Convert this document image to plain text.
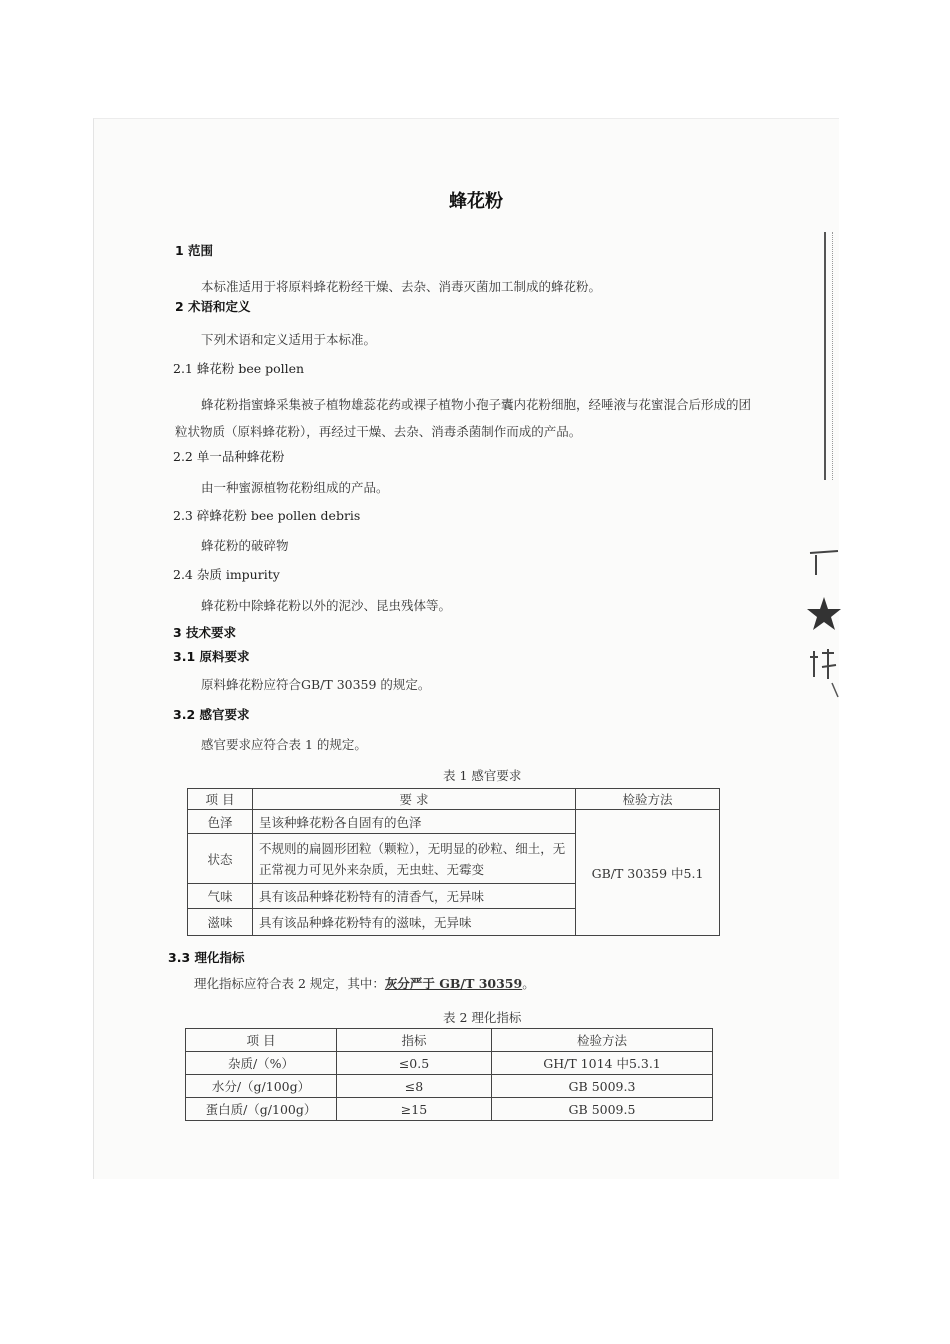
蜂花粉
1 范围
本标准适用于将原料蜂花粉经干燥、去杂、消毒灭菌加工制成的蜂花粉。
2 术语和定义
下列术语和定义适用于本标准。
2.1 蜂花粉 bee pollen
蜂花粉指蜜蜂采集被子植物雄蕊花药或裸子植物小孢子囊内花粉细胞，经唾液与花蜜混合后形成的团
粒状物质（原料蜂花粉），再经过干燥、去杂、消毒杀菌制作而成的产品。
2.2 单一品种蜂花粉
由一种蜜源植物花粉组成的产品。
2.3 碎蜂花粉 bee pollen debris
蜂花粉的破碎物
2.4 杂质 impurity
蜂花粉中除蜂花粉以外的泥沙、昆虫残体等。
3 技术要求
3.1 原料要求
原料蜂花粉应符合GB/T 30359 的规定。
3.2 感官要求
感官要求应符合表 1 的规定。
表 1 感官要求
项 目	要 求	检验方法
色泽	呈该种蜂花粉各自固有的色泽	GB/T 30359 中5.1
状态	不规则的扁圆形团粒（颗粒），无明显的砂粒、细土，无
正常视力可见外来杂质，无虫蛀、无霉变	

气味	具有该品种蜂花粉特有的清香气，无异味	
滋味	具有该品种蜂花粉特有的滋味，无异味	
3.3 理化指标
理化指标应符合表 2 规定，其中：灰分严于 GB/T 30359。
表 2 理化指标
项 目	指标	检验方法
杂质/（%）	≤0.5	GH/T 1014 中5.3.1
水分/（g/100g）	≤8	GB 5009.3
蛋白质/（g/100g）	≥15	GB 5009.5
